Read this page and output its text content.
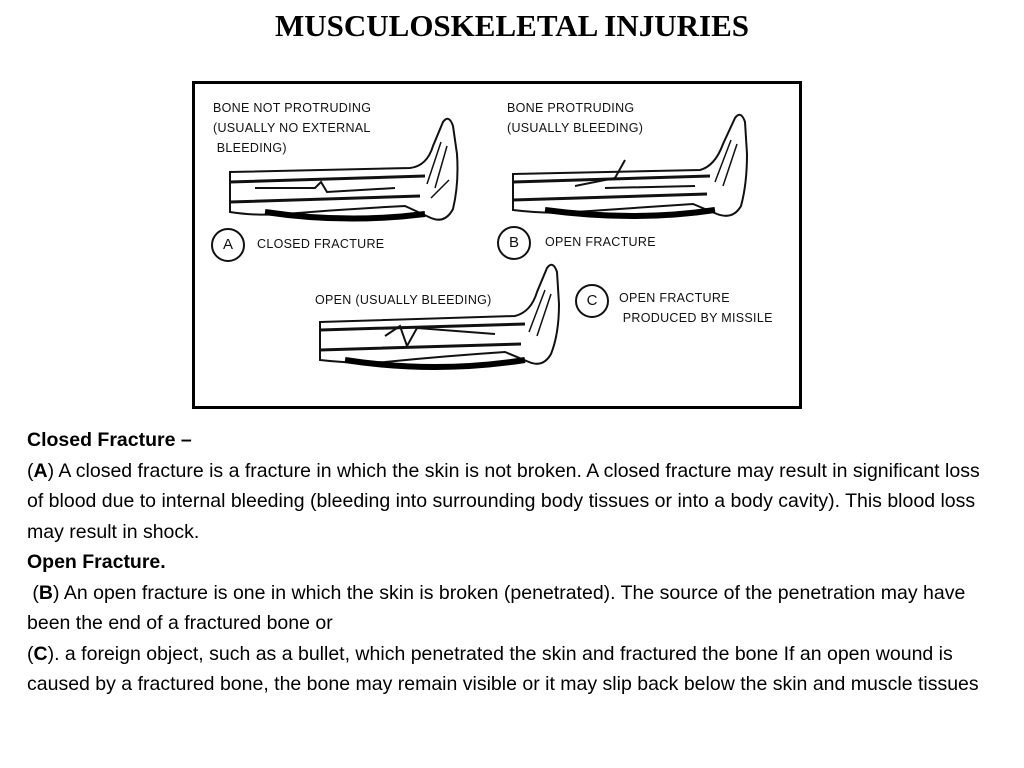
MUSCULOSKELETAL INJURIES
BONE NOT PROTRUDING
(USUALLY NO EXTERNAL
BLEEDING)
A	CLOSED FRACTURE
BONE PROTRUDING
(USUALLY BLEEDING)
B	OPEN FRACTURE
OPEN (USUALLY BLEEDING)	C	OPEN FRACTURE
PRODUCED BY MISSILE

Closed Fracture –

(A) A closed fracture is a fracture in which the skin is not broken. A closed fracture may result in significant loss of blood due to internal bleeding (bleeding into surrounding body tissues or into a body cavity). This blood loss may result in shock.

Open Fracture.

(B) An open fracture is one in which the skin is broken (penetrated). The source of the penetration may have been the end of a fractured bone or

(C). a foreign object, such as a bullet, which penetrated the skin and fractured the bone If an open wound is caused by a fractured bone, the bone may remain visible or it may slip back below the skin and muscle tissues
